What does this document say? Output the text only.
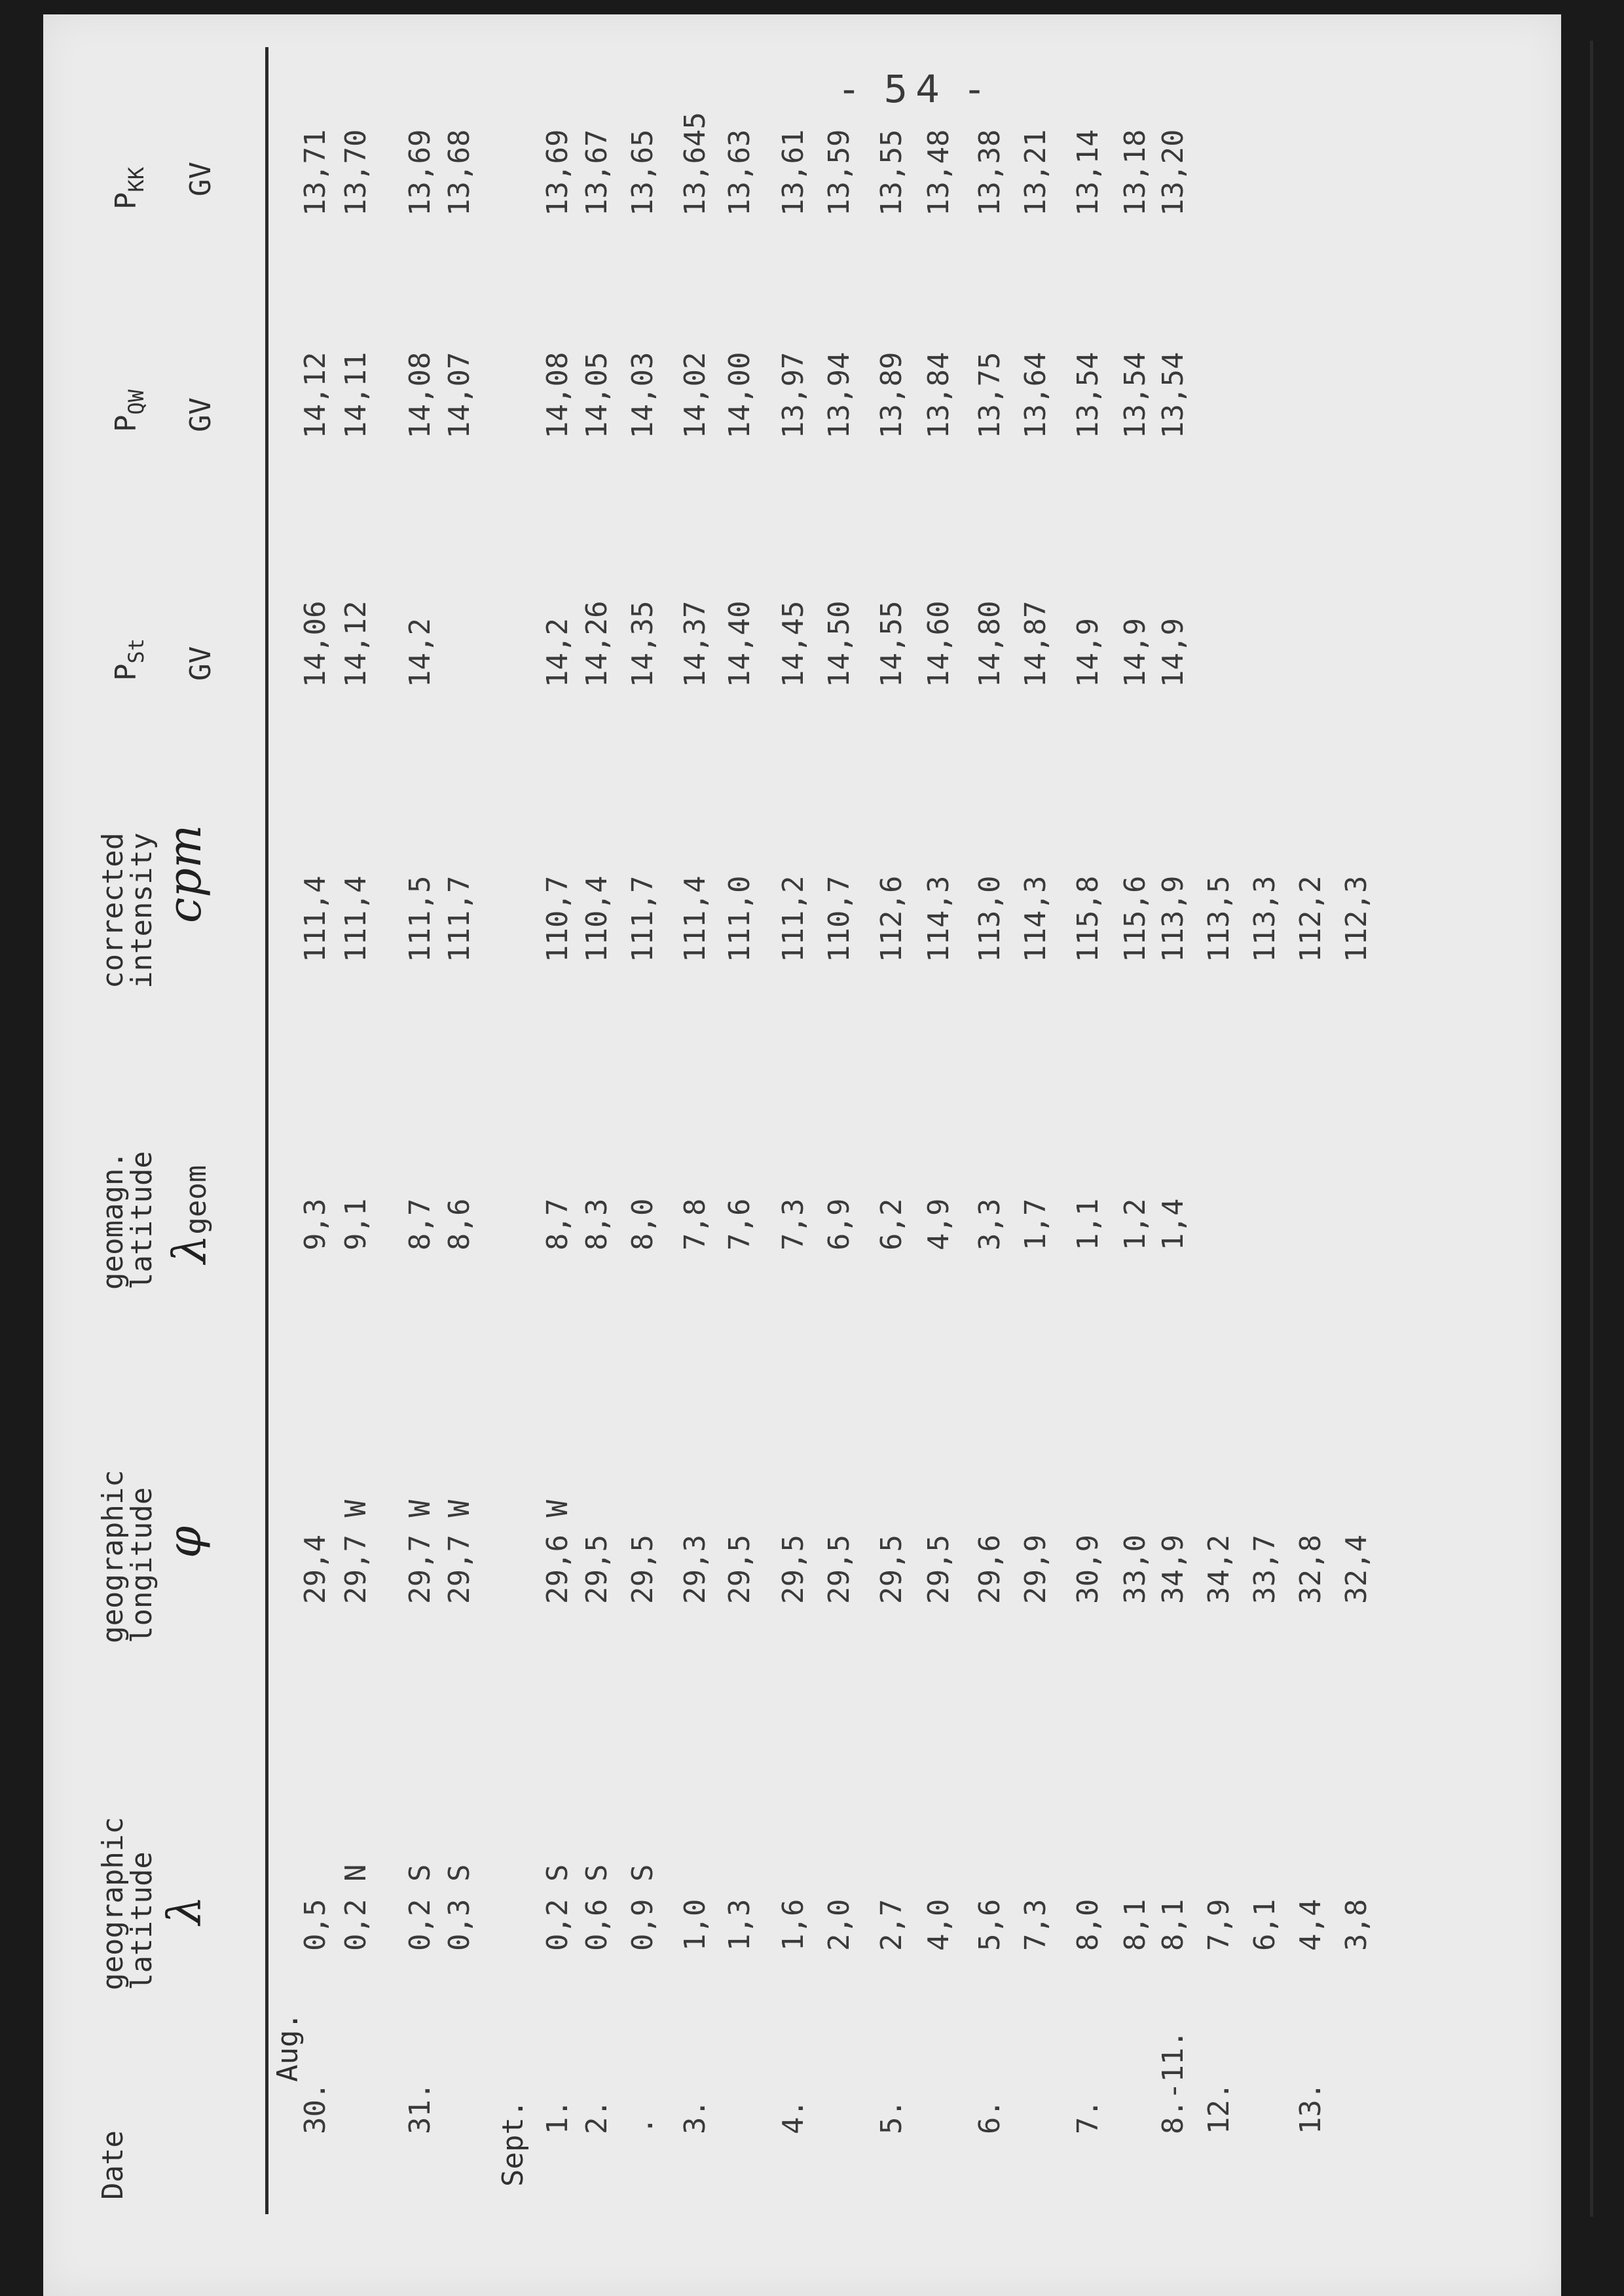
- 54 -
Date
geographic
latitude
geographic
longitude
geomagn.
latitude
corrected
intensity
$P_{St}$
$P_{QW}$
$P_{KK}$
λ
φ
λgeom
cpm
GV
GV
GV
Aug.
Sept.
30.
0,5
29,4
9,3
111,4
14,06
14,12
13,71
0,2 N
29,7 W
9,1
111,4
14,12
14,11
13,70
31.
0,2 S
29,7 W
8,7
111,5
14,2
14,08
13,69
0,3 S
29,7 W
8,6
111,7
14,07
13,68
1.
0,2 S
29,6 W
8,7
110,7
14,2
14,08
13,69
2.
0,6 S
29,5
8,3
110,4
14,26
14,05
13,67
.
0,9 S
29,5
8,0
111,7
14,35
14,03
13,65
3.
1,0
29,3
7,8
111,4
14,37
14,02
13,645
1,3
29,5
7,6
111,0
14,40
14,00
13,63
4.
1,6
29,5
7,3
111,2
14,45
13,97
13,61
2,0
29,5
6,9
110,7
14,50
13,94
13,59
5.
2,7
29,5
6,2
112,6
14,55
13,89
13,55
4,0
29,5
4,9
114,3
14,60
13,84
13,48
6.
5,6
29,6
3,3
113,0
14,80
13,75
13,38
7,3
29,9
1,7
114,3
14,87
13,64
13,21
7.
8,0
30,9
1,1
115,8
14,9
13,54
13,14
8,1
33,0
1,2
115,6
14,9
13,54
13,18
8.-11.
8,1
34,9
1,4
113,9
14,9
13,54
13,20
12.
7,9
34,2
113,5
6,1
33,7
113,3
13.
4,4
32,8
112,2
3,8
32,4
112,3
